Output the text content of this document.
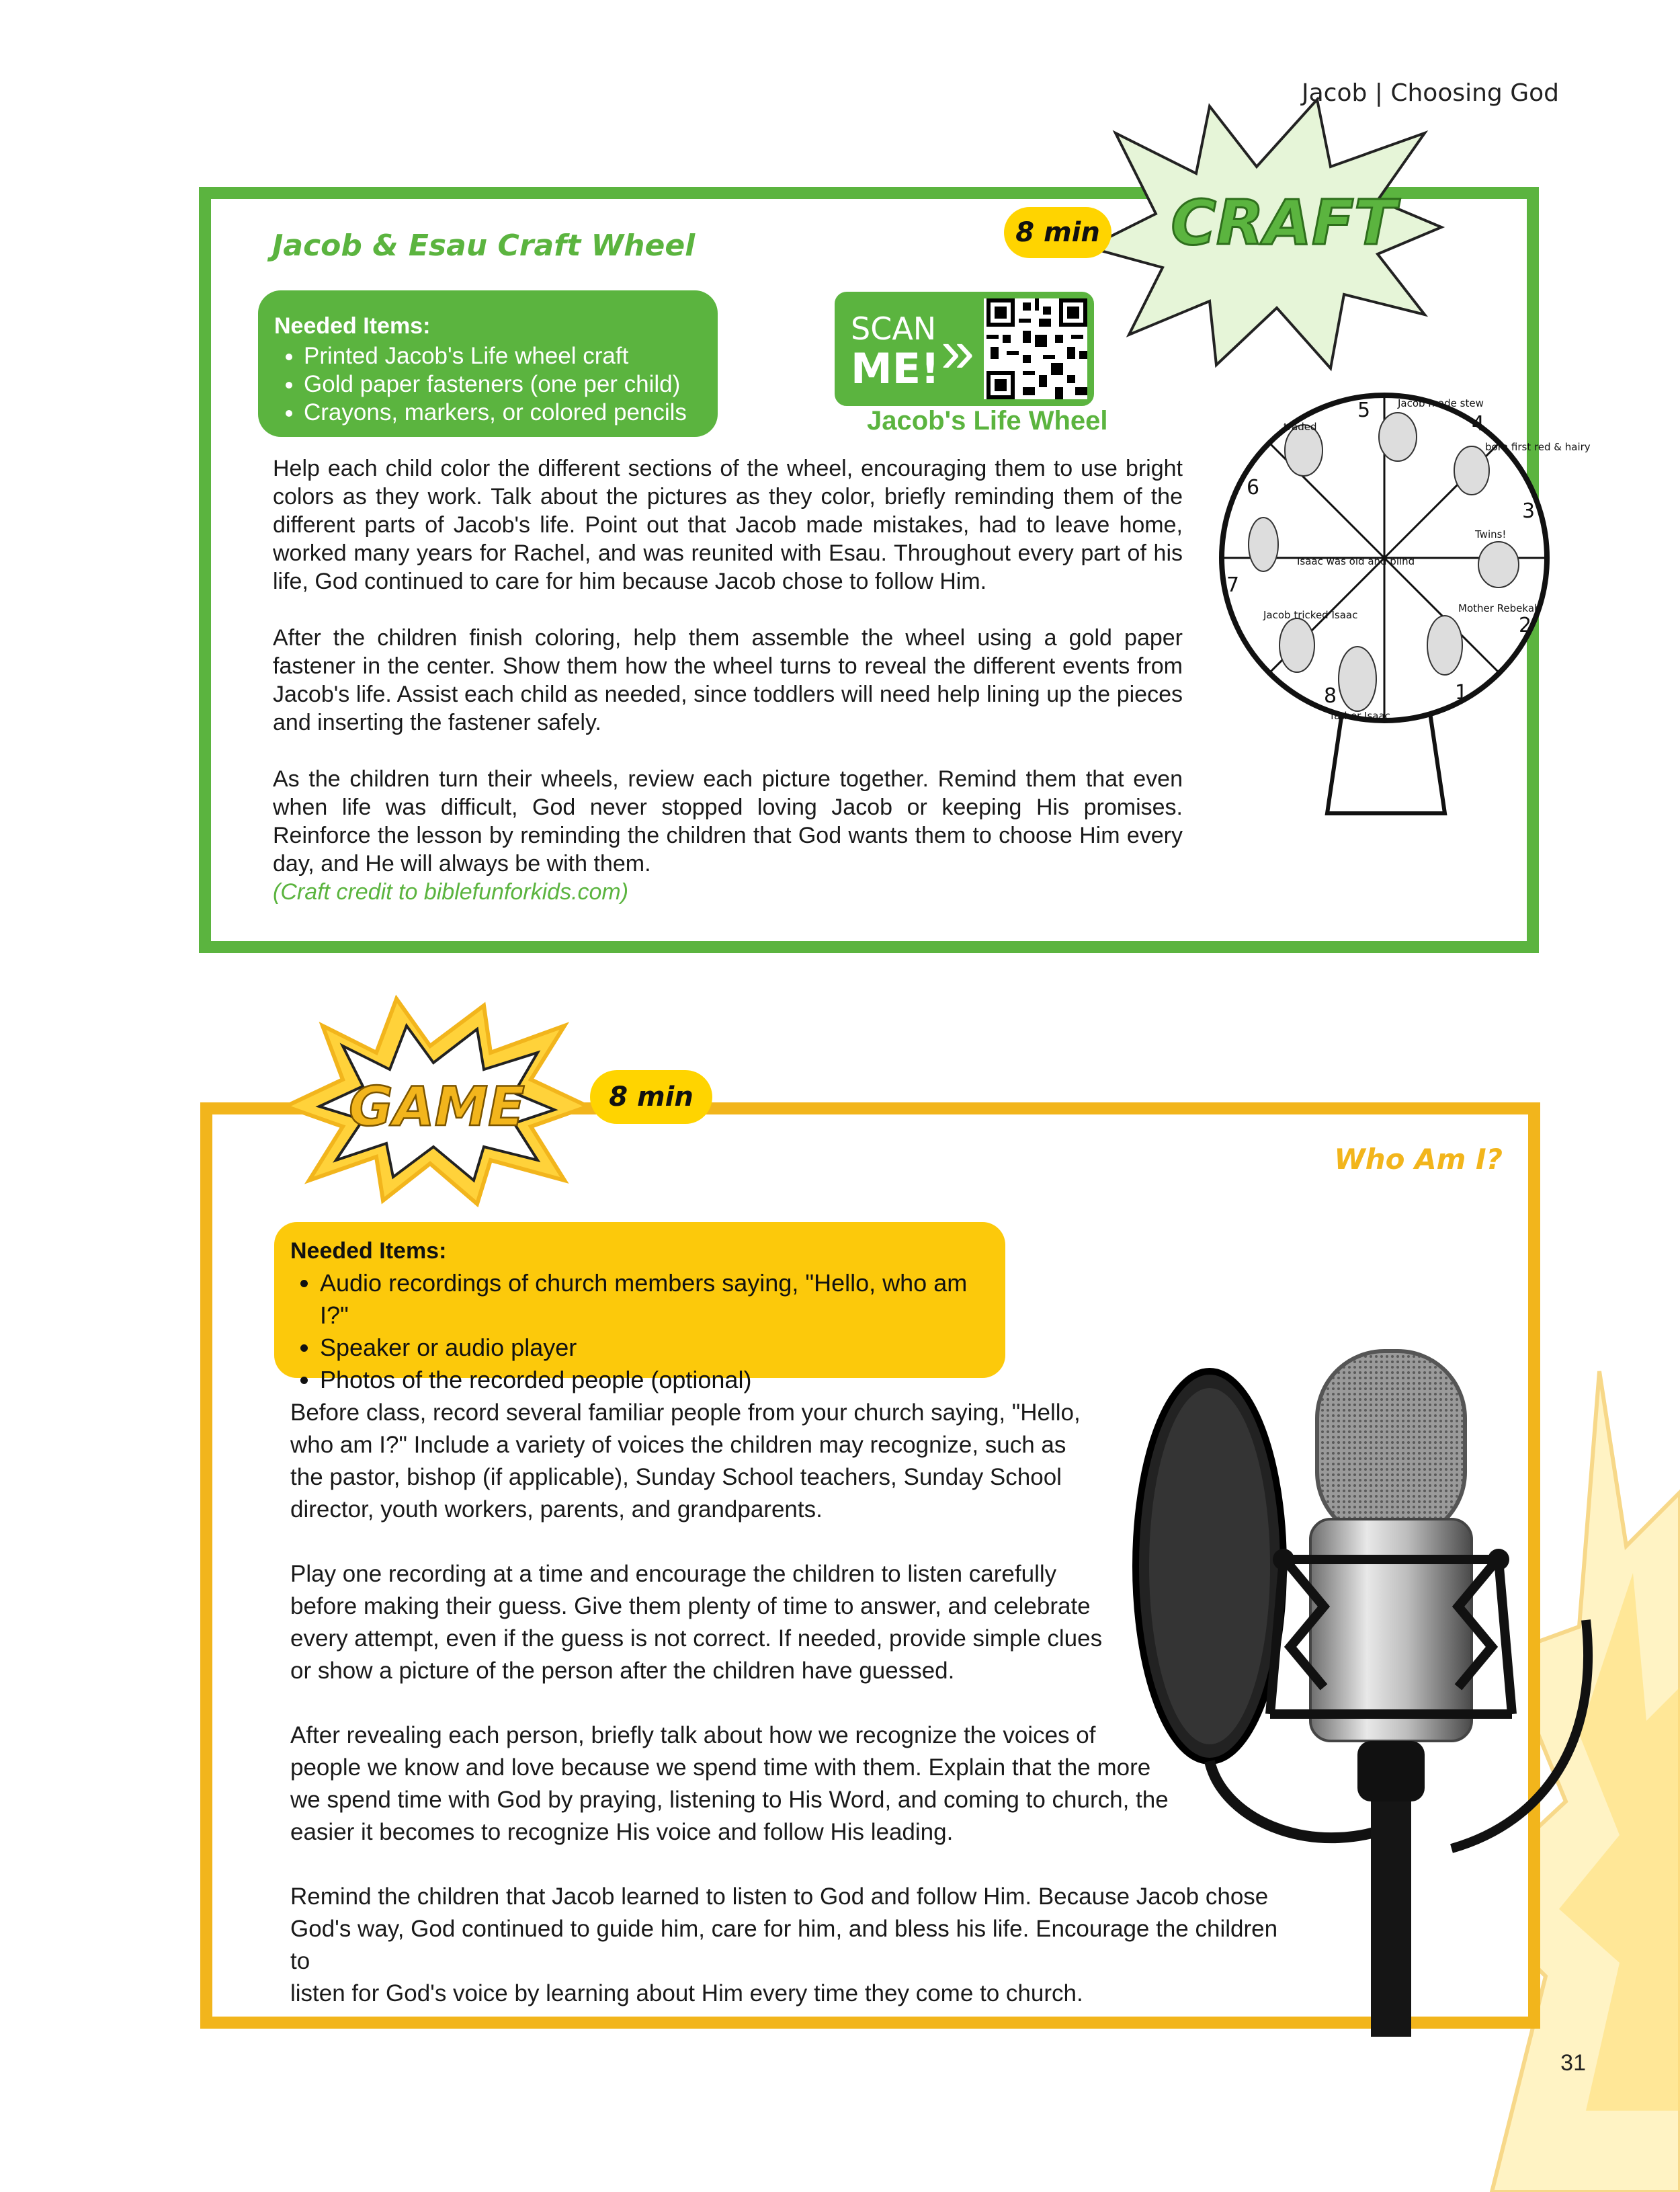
Jacob | Choosing God
Jacob & Esau Craft Wheel
Needed Items:
• Printed Jacob's Life wheel craft
• Gold paper fasteners (one per child)
• Crayons, markers, or colored pencils
SCAN
ME! »
Jacob's Life Wheel
CRAFT
8 min

Help each child color the different sections of the wheel, encouraging them to use bright colors as they work. Talk about the pictures as they color, briefly reminding them of the different parts of Jacob's life. Point out that Jacob made mistakes, had to leave home, worked many years for Rachel, and was reunited with Esau. Throughout every part of his life, God continued to care for him because Jacob chose to follow Him.

After the children finish coloring, help them assemble the wheel using a gold paper fastener in the center. Show them how the wheel turns to reveal the different events from Jacob's life. Assist each child as needed, since toddlers will need help lining up the pieces and inserting the fastener safely.

As the children turn their wheels, review each picture together. Remind them that even when life was difficult, God never stopped loving Jacob or keeping His promises. Reinforce the lesson by reminding the children that God wants them to choose Him every day, and He will always be with them.

(Craft credit to biblefunforkids.com)
1
2
3
4
5
6
7
8
father Isaac
Mother Rebekah
Twins!
born first red & hairy
Jacob made stew
traded
Isaac was old and blind
Jacob tricked Isaac
GAME	8 min
Who Am I?
Needed Items:
• Audio recordings of church members saying, "Hello, who am I?"
• Speaker or audio player
• Photos of the recorded people (optional)

Before class, record several familiar people from your church saying, "Hello,
who am I?" Include a variety of voices the children may recognize, such as
the pastor, bishop (if applicable), Sunday School teachers, Sunday School
director, youth workers, parents, and grandparents.

Play one recording at a time and encourage the children to listen carefully
before making their guess. Give them plenty of time to answer, and celebrate
every attempt, even if the guess is not correct. If needed, provide simple clues
or show a picture of the person after the children have guessed.

After revealing each person, briefly talk about how we recognize the voices of
people we know and love because we spend time with them. Explain that the more
we spend time with God by praying, listening to His Word, and coming to church, the
easier it becomes to recognize His voice and follow His leading.

Remind the children that Jacob learned to listen to God and follow Him. Because Jacob chose
God's way, God continued to guide him, care for him, and bless his life. Encourage the children to
listen for God's voice by learning about Him every time they come to church.

31
